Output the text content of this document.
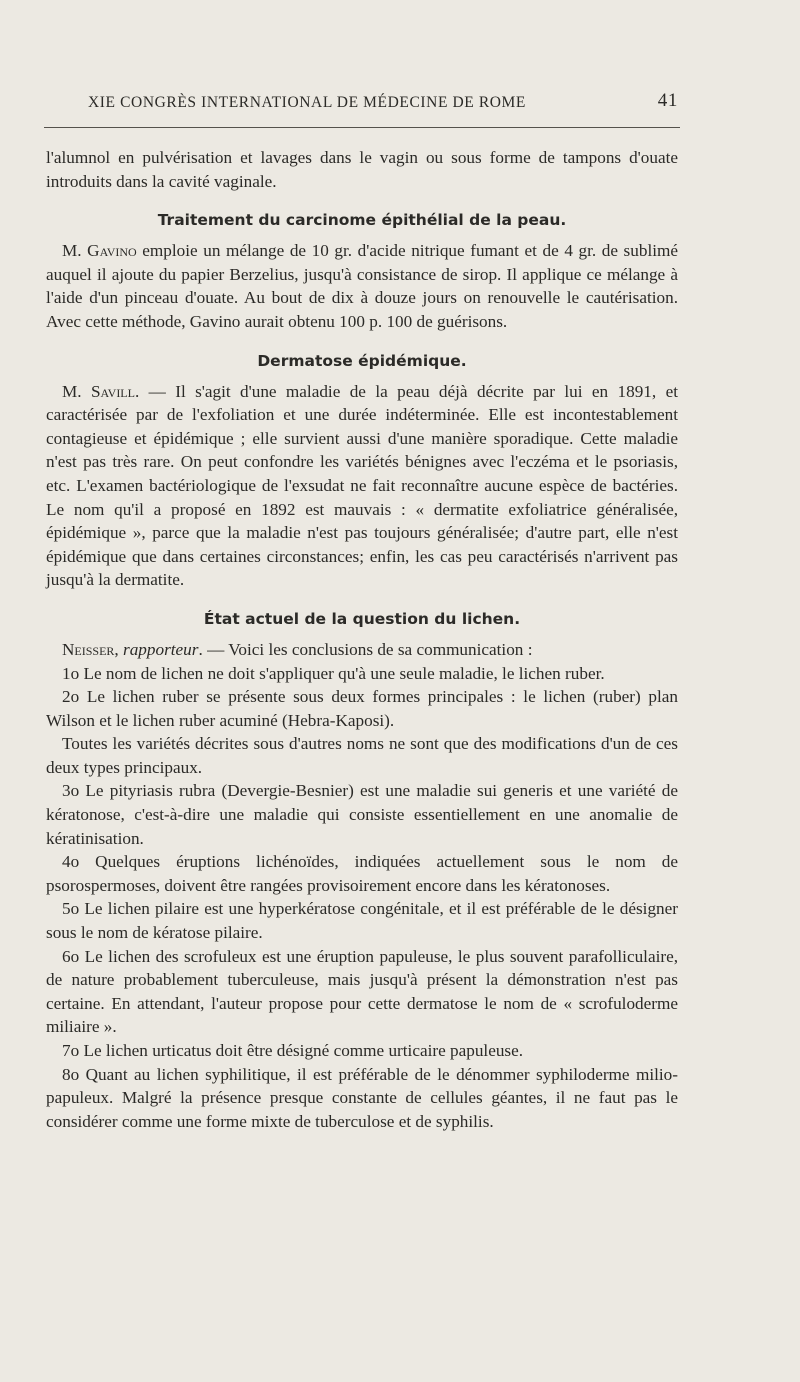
XIE CONGRÈS INTERNATIONAL DE MÉDECINE DE ROME	41

l'alumnol en pulvérisation et lavages dans le vagin ou sous forme de tampons d'ouate introduits dans la cavité vaginale.

Traitement du carcinome épithélial de la peau.

M. Gavino emploie un mélange de 10 gr. d'acide nitrique fumant et de 4 gr. de sublimé auquel il ajoute du papier Berzelius, jusqu'à consistance de sirop. Il applique ce mélange à l'aide d'un pinceau d'ouate. Au bout de dix à douze jours on renouvelle le cautérisation. Avec cette méthode, Gavino aurait obtenu 100 p. 100 de guérisons.

Dermatose épidémique.

M. Savill. — Il s'agit d'une maladie de la peau déjà décrite par lui en 1891, et caractérisée par de l'exfoliation et une durée indéterminée. Elle est incontestablement contagieuse et épidémique ; elle survient aussi d'une manière sporadique. Cette maladie n'est pas très rare. On peut confondre les variétés bénignes avec l'eczéma et le psoriasis, etc. L'examen bactériologique de l'exsudat ne fait reconnaître aucune espèce de bactéries. Le nom qu'il a proposé en 1892 est mauvais : « dermatite exfoliatrice généralisée, épidémique », parce que la maladie n'est pas toujours généralisée; d'autre part, elle n'est épidémique que dans certaines circonstances; enfin, les cas peu caractérisés n'arrivent pas jusqu'à la dermatite.

État actuel de la question du lichen.

Neisser, rapporteur. — Voici les conclusions de sa communication :

1o Le nom de lichen ne doit s'appliquer qu'à une seule maladie, le lichen ruber.

2o Le lichen ruber se présente sous deux formes principales : le lichen (ruber) plan Wilson et le lichen ruber acuminé (Hebra-Kaposi).

Toutes les variétés décrites sous d'autres noms ne sont que des modifications d'un de ces deux types principaux.

3o Le pityriasis rubra (Devergie-Besnier) est une maladie sui generis et une variété de kératonose, c'est-à-dire une maladie qui consiste essentiellement en une anomalie de kératinisation.

4o Quelques éruptions lichénoïdes, indiquées actuellement sous le nom de psorospermoses, doivent être rangées provisoirement encore dans les kératonoses.

5o Le lichen pilaire est une hyperkératose congénitale, et il est préférable de le désigner sous le nom de kératose pilaire.

6o Le lichen des scrofuleux est une éruption papuleuse, le plus souvent parafolliculaire, de nature probablement tuberculeuse, mais jusqu'à présent la démonstration n'est pas certaine. En attendant, l'auteur propose pour cette dermatose le nom de « scrofuloderme miliaire ».

7o Le lichen urticatus doit être désigné comme urticaire papuleuse.

8o Quant au lichen syphilitique, il est préférable de le dénommer syphiloderme milio-papuleux. Malgré la présence presque constante de cellules géantes, il ne faut pas le considérer comme une forme mixte de tuberculose et de syphilis.
